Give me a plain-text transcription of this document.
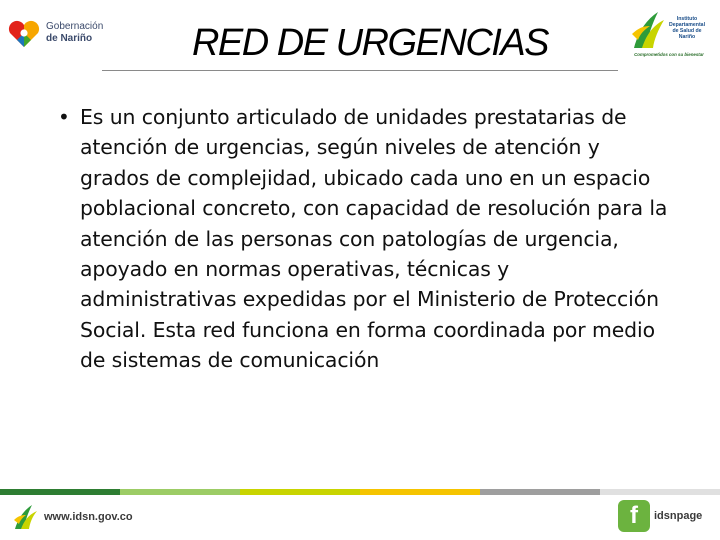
Gobernación
de Nariño	RED DE URGENCIAS
Instituto
Departamental
de Salud de
Nariño
Comprometidos con su bienestar
• Es un conjunto articulado de unidades prestatarias de atención de urgencias, según niveles de atención y grados de complejidad, ubicado cada uno en un espacio poblacional concreto, con capacidad de resolución para la atención de las personas con patologías de urgencia, apoyado en normas operativas, técnicas y administrativas expedidas por el Ministerio de Protección Social. Esta red funciona en forma coordinada por medio de sistemas de comunicación
www.idsn.gov.co	f	idsnpage
